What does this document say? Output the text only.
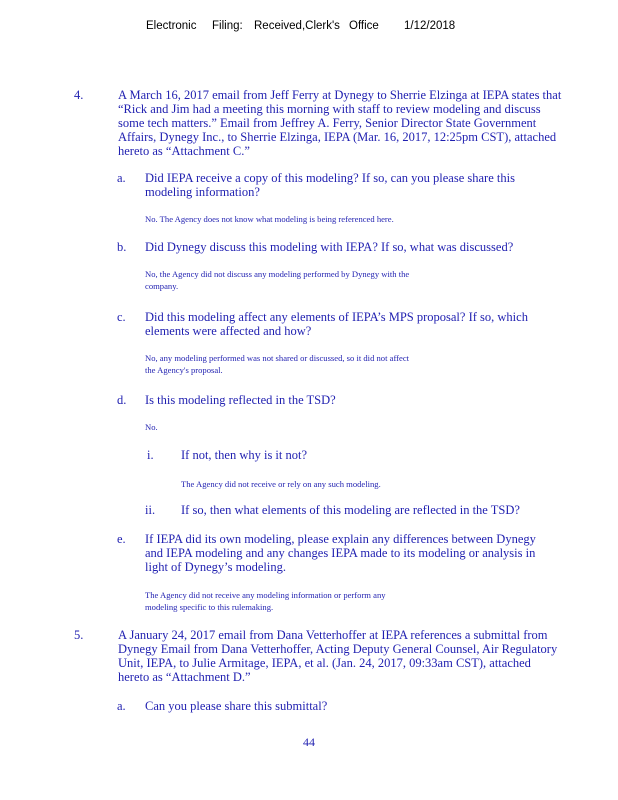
Electronic Filing: Received,Clerk's Office 1/12/2018
4.	A March 16, 2017 email from Jeff Ferry at Dynegy to Sherrie Elzinga at IEPA states that
“Rick and Jim had a meeting this morning with staff to review modeling and discuss
some tech matters.” Email from Jeffrey A. Ferry, Senior Director State Government
Affairs, Dynegy Inc., to Sherrie Elzinga, IEPA (Mar. 16, 2017, 12:25pm CST), attached
hereto as “Attachment C.”
a. Did IEPA receive a copy of this modeling? If so, can you please share this
modeling information?
No. The Agency does not know what modeling is being referenced here.
b. Did Dynegy discuss this modeling with IEPA? If so, what was discussed?
No, the Agency did not discuss any modeling performed by Dynegy with the
company.
c. Did this modeling affect any elements of IEPA’s MPS proposal? If so, which
elements were affected and how?
No, any modeling performed was not shared or discussed, so it did not affect
the Agency's proposal.
d. Is this modeling reflected in the TSD?
No.
i. If not, then why is it not?
The Agency did not receive or rely on any such modeling.
ii. If so, then what elements of this modeling are reflected in the TSD?
e. If IEPA did its own modeling, please explain any differences between Dynegy
and IEPA modeling and any changes IEPA made to its modeling or analysis in
light of Dynegy’s modeling.
The Agency did not receive any modeling information or perform any
modeling specific to this rulemaking.
5.	A January 24, 2017 email from Dana Vetterhoffer at IEPA references a submittal from
Dynegy Email from Dana Vetterhoffer, Acting Deputy General Counsel, Air Regulatory
Unit, IEPA, to Julie Armitage, IEPA, et al. (Jan. 24, 2017, 09:33am CST), attached
hereto as “Attachment D.”
a. Can you please share this submittal?
44
